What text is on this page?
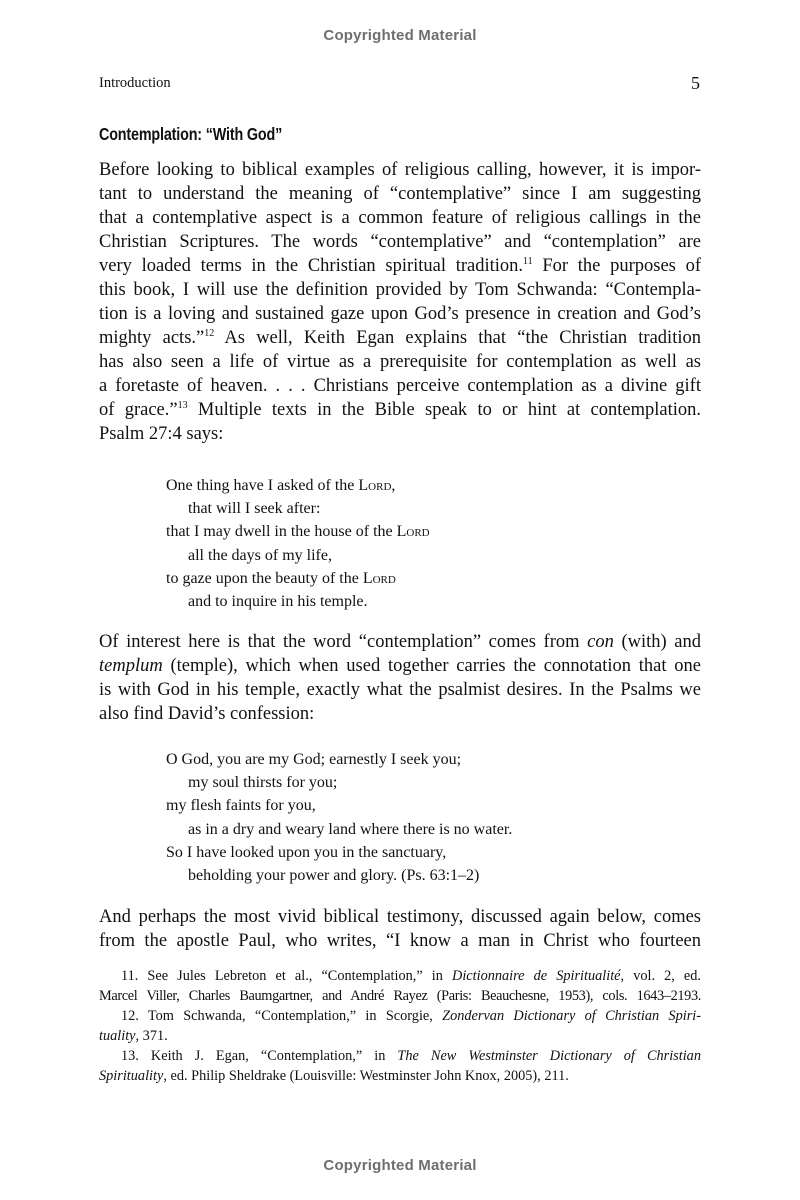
Copyrighted Material
Introduction	5
Contemplation: “With God”
Before looking to biblical examples of religious calling, however, it is impor-
tant to understand the meaning of “contemplative” since I am suggesting
that a contemplative aspect is a common feature of religious callings in the
Christian Scriptures. The words “contemplative” and “contemplation” are
very loaded terms in the Christian spiritual tradition.$^{11}$ For the purposes of
this book, I will use the definition provided by Tom Schwanda: “Contempla-
tion is a loving and sustained gaze upon God’s presence in creation and God’s
mighty acts.”$^{12}$ As well, Keith Egan explains that “the Christian tradition
has also seen a life of virtue as a prerequisite for contemplation as well as
a foretaste of heaven. . . . Christians perceive contemplation as a divine gift
of grace.”$^{13}$ Multiple texts in the Bible speak to or hint at contemplation.
Psalm 27:4 says:
One thing have I asked of the Lord,
that will I seek after:
that I may dwell in the house of the Lord
all the days of my life,
to gaze upon the beauty of the Lord
and to inquire in his temple.
Of interest here is that the word “contemplation” comes from con (with) and
templum (temple), which when used together carries the connotation that one
is with God in his temple, exactly what the psalmist desires. In the Psalms we
also find David’s confession:
O God, you are my God; earnestly I seek you;
my soul thirsts for you;
my flesh faints for you,
as in a dry and weary land where there is no water.
So I have looked upon you in the sanctuary,
beholding your power and glory. (Ps. 63:1–2)
And perhaps the most vivid biblical testimony, discussed again below, comes
from the apostle Paul, who writes, “I know a man in Christ who fourteen
11. See Jules Lebreton et al., “Contemplation,” in Dictionnaire de Spiritualité, vol. 2, ed.
Marcel Viller, Charles Baumgartner, and André Rayez (Paris: Beauchesne, 1953), cols. 1643–2193.
12. Tom Schwanda, “Contemplation,” in Scorgie, Zondervan Dictionary of Christian Spiri-
tuality, 371.
13. Keith J. Egan, “Contemplation,” in The New Westminster Dictionary of Christian
Spirituality, ed. Philip Sheldrake (Louisville: Westminster John Knox, 2005), 211.
Copyrighted Material
